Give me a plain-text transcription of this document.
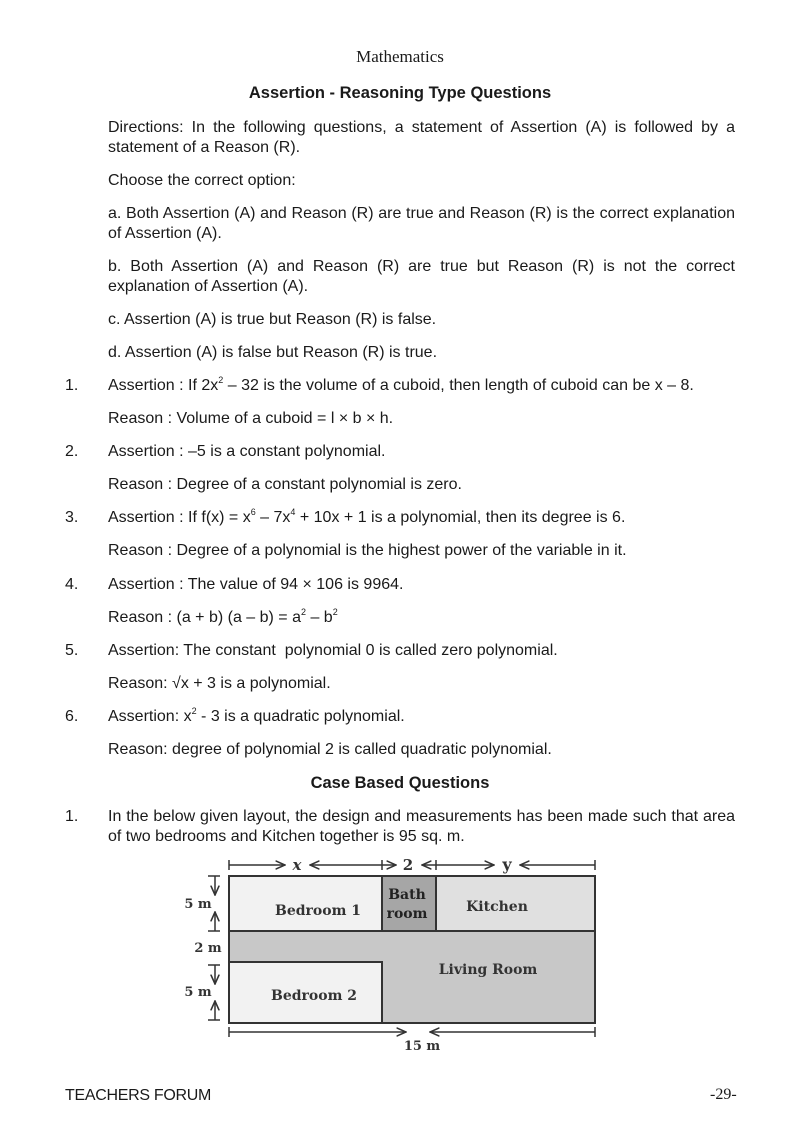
Mathematics
Assertion - Reasoning Type Questions
Directions: In the following questions, a statement of Assertion (A) is followed by a statement of a Reason (R).
Choose the correct option:
a. Both Assertion (A) and Reason (R) are true and Reason (R) is the correct explanation of Assertion (A).
b. Both Assertion (A) and Reason (R) are true but Reason (R) is not the correct explanation of Assertion (A).
c. Assertion (A) is true but Reason (R) is false.
d. Assertion (A) is false but Reason (R) is true.
1. Assertion : If $2x^2 - 32$ is the volume of a cuboid, then length of cuboid can be x – 8.
Reason : Volume of a cuboid = l × b × h.
2. Assertion : –5 is a constant polynomial.
Reason : Degree of a constant polynomial is zero.
3. Assertion : If $f(x) = x^6 - 7x^4 + 10x + 1$ is a polynomial, then its degree is 6.
Reason : Degree of a polynomial is the highest power of the variable in it.
4. Assertion : The value of 94 × 106 is 9964.
Reason : (a + b) $(a - b) = a^2 - b^2$
5. Assertion: The constant  polynomial 0 is called zero polynomial.
Reason: √x + 3 is a polynomial.
6. Assertion: $x^2 - 3$ is a quadratic polynomial.
Reason: degree of polynomial 2 is called quadratic polynomial.
Case Based Questions
1. In the below given layout, the design and measurements has been made such that area of two bedrooms and Kitchen together is 95 sq. m.
Bedroom 1
Bath
room	Kitchen
Living Room
Bedroom 2
x	2	y
5 m
2 m
5 m
15 m
TEACHERS FORUM	-29-
